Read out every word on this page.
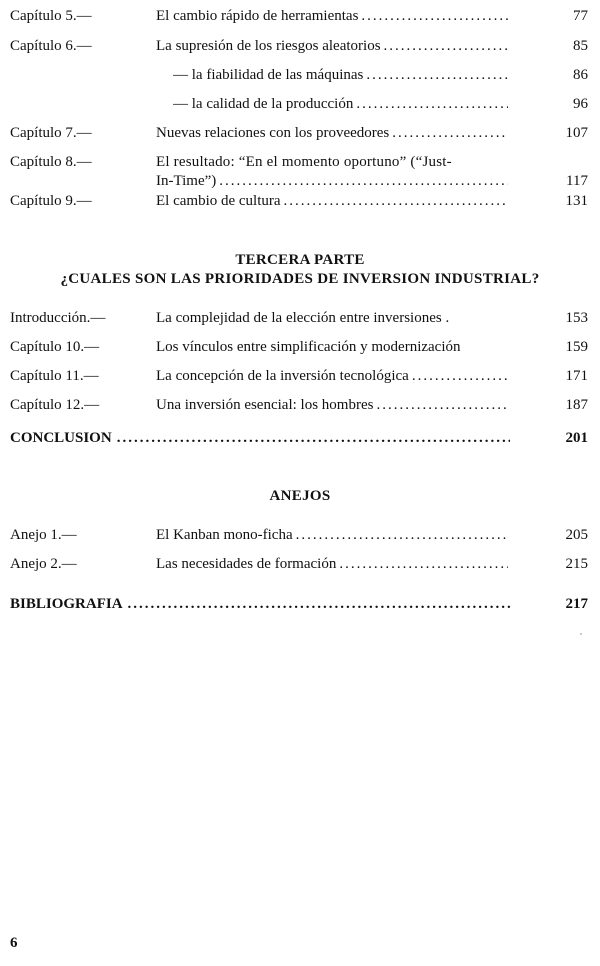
Capítulo 5.—	El cambio rápido de herramientas .....	77
Capítulo 6.—	La supresión de los riesgos aleatorios .....	85
— la fiabilidad de las máquinas .....	86
— la calidad de la producción .....	96
Capítulo 7.—	Nuevas relaciones con los proveedores .....	107
Capítulo 8.—	El resultado: “En el momento oportuno” (“Just-
In-Time”) .....	117
Capítulo 9.—	El cambio de cultura .....	131
TERCERA PARTE
¿CUALES SON LAS PRIORIDADES DE INVERSION INDUSTRIAL?
Introducción.—	La complejidad de la elección entre inversiones .	153
Capítulo 10.—	Los vínculos entre simplificación y modernización	159
Capítulo 11.—	La concepción de la inversión tecnológica .....	171
Capítulo 12.—	Una inversión esencial: los hombres .....	187
CONCLUSION .....	201
ANEJOS
Anejo 1.—	El Kanban mono-ficha .....	205
Anejo 2.—	Las necesidades de formación .....	215
BIBLIOGRAFIA .....	217
6
